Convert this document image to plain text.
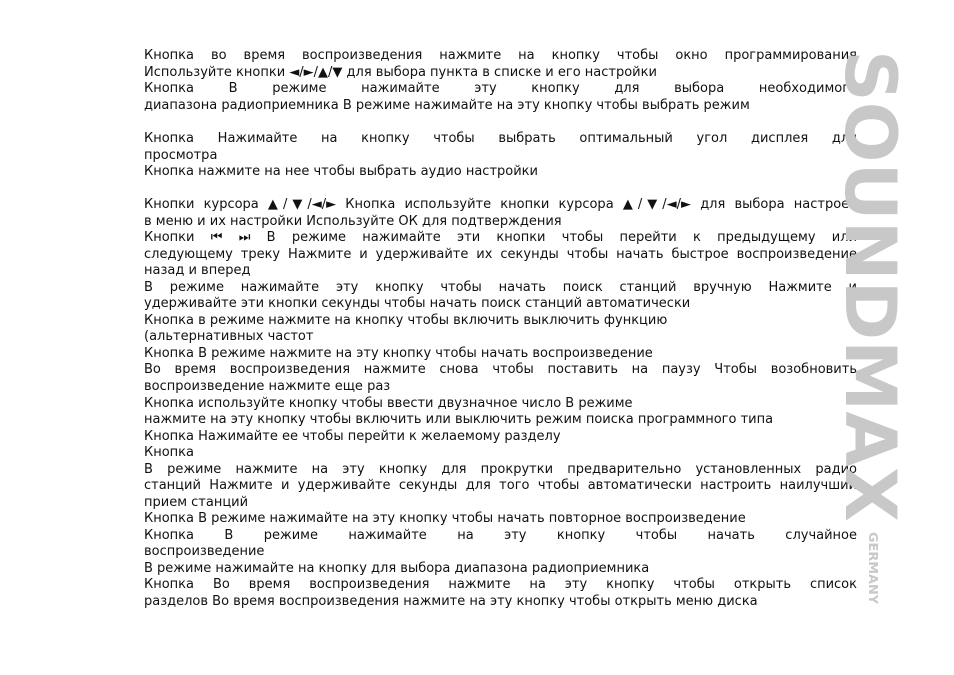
Кнопка во время воспроизведения нажмите на кнопку чтобы окно программирования
Используйте кнопки ◄/►/▲/▼ для выбора пункта в списке и его настройки
Кнопка В режиме нажимайте эту кнопку для выбора необходимого
диапазона радиоприемника В режиме нажимайте на эту кнопку чтобы выбрать режим
Кнопка Нажимайте на кнопку чтобы выбрать оптимальный угол дисплея для
просмотра
Кнопка нажмите на нее чтобы выбрать аудио настройки
Кнопки курсора ▲/▼/◄/► Кнопка используйте кнопки курсора ▲/▼/◄/► для выбора настроек
в меню и их настройки Используйте ОК для подтверждения
Кнопки ⏮ ⏭ В режиме нажимайте эти кнопки чтобы перейти к предыдущему или
следующему треку Нажмите и удерживайте их секунды чтобы начать быстрое воспроизведение
назад и вперед
В режиме нажимайте эту кнопку чтобы начать поиск станций вручную Нажмите и
удерживайте эти кнопки секунды чтобы начать поиск станций автоматически
Кнопка в режиме нажмите на кнопку чтобы включить выключить функцию
(альтернативных частот
Кнопка В режиме нажмите на эту кнопку чтобы начать воспроизведение
Во время воспроизведения нажмите снова чтобы поставить на паузу Чтобы возобновить
воспроизведение нажмите еще раз
Кнопка используйте кнопку чтобы ввести двузначное число В режиме
нажмите на эту кнопку чтобы включить или выключить режим поиска программного типа
Кнопка Нажимайте ее чтобы перейти к желаемому разделу
Кнопка
В режиме нажмите на эту кнопку для прокрутки предварительно установленных радио
станций Нажмите и удерживайте секунды для того чтобы автоматически настроить наилучший
прием станций
Кнопка В режиме нажимайте на эту кнопку чтобы начать повторное воспроизведение
Кнопка В режиме нажимайте на эту кнопку чтобы начать случайное
воспроизведение
В режиме нажимайте на кнопку для выбора диапазона радиоприемника
Кнопка Во время воспроизведения нажмите на эту кнопку чтобы открыть список
разделов Во время воспроизведения нажмите на эту кнопку чтобы открыть меню диска
SOUNDMAX
GERMANY
